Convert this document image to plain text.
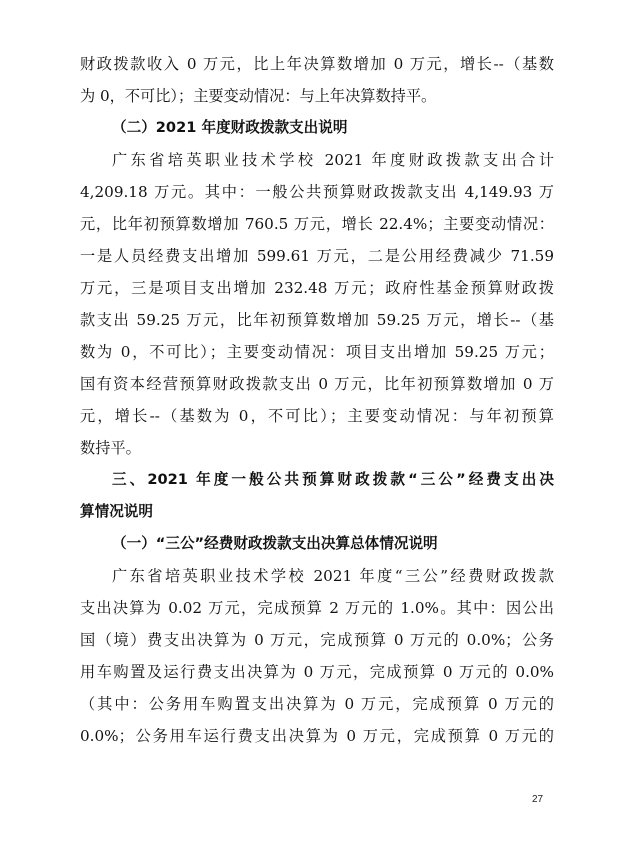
财政拨款收入 0 万元，比上年决算数增加 0 万元，增长--（基数
为 0，不可比）；主要变动情况：与上年决算数持平。
（二）2021 年度财政拨款支出说明
广东省培英职业技术学校 2021 年度财政拨款支出合计
4,209.18 万元。其中：一般公共预算财政拨款支出 4,149.93 万
元，比年初预算数增加 760.5 万元，增长 22.4%；主要变动情况：
一是人员经费支出增加 599.61 万元，二是公用经费减少 71.59
万元，三是项目支出增加 232.48 万元；政府性基金预算财政拨
款支出 59.25 万元，比年初预算数增加 59.25 万元，增长--（基
数为 0，不可比）；主要变动情况：项目支出增加 59.25 万元；
国有资本经营预算财政拨款支出 0 万元，比年初预算数增加 0 万
元，增长--（基数为 0，不可比）；主要变动情况：与年初预算
数持平。
三、2021 年度一般公共预算财政拨款“三公”经费支出决
算情况说明
（一）“三公”经费财政拨款支出决算总体情况说明
广东省培英职业技术学校 2021 年度“三公”经费财政拨款
支出决算为 0.02 万元，完成预算 2 万元的 1.0%。其中：因公出
国（境）费支出决算为 0 万元，完成预算 0 万元的 0.0%；公务
用车购置及运行费支出决算为 0 万元，完成预算 0 万元的 0.0%
（其中：公务用车购置支出决算为 0 万元，完成预算 0 万元的
0.0%；公务用车运行费支出决算为 0 万元，完成预算 0 万元的
27
